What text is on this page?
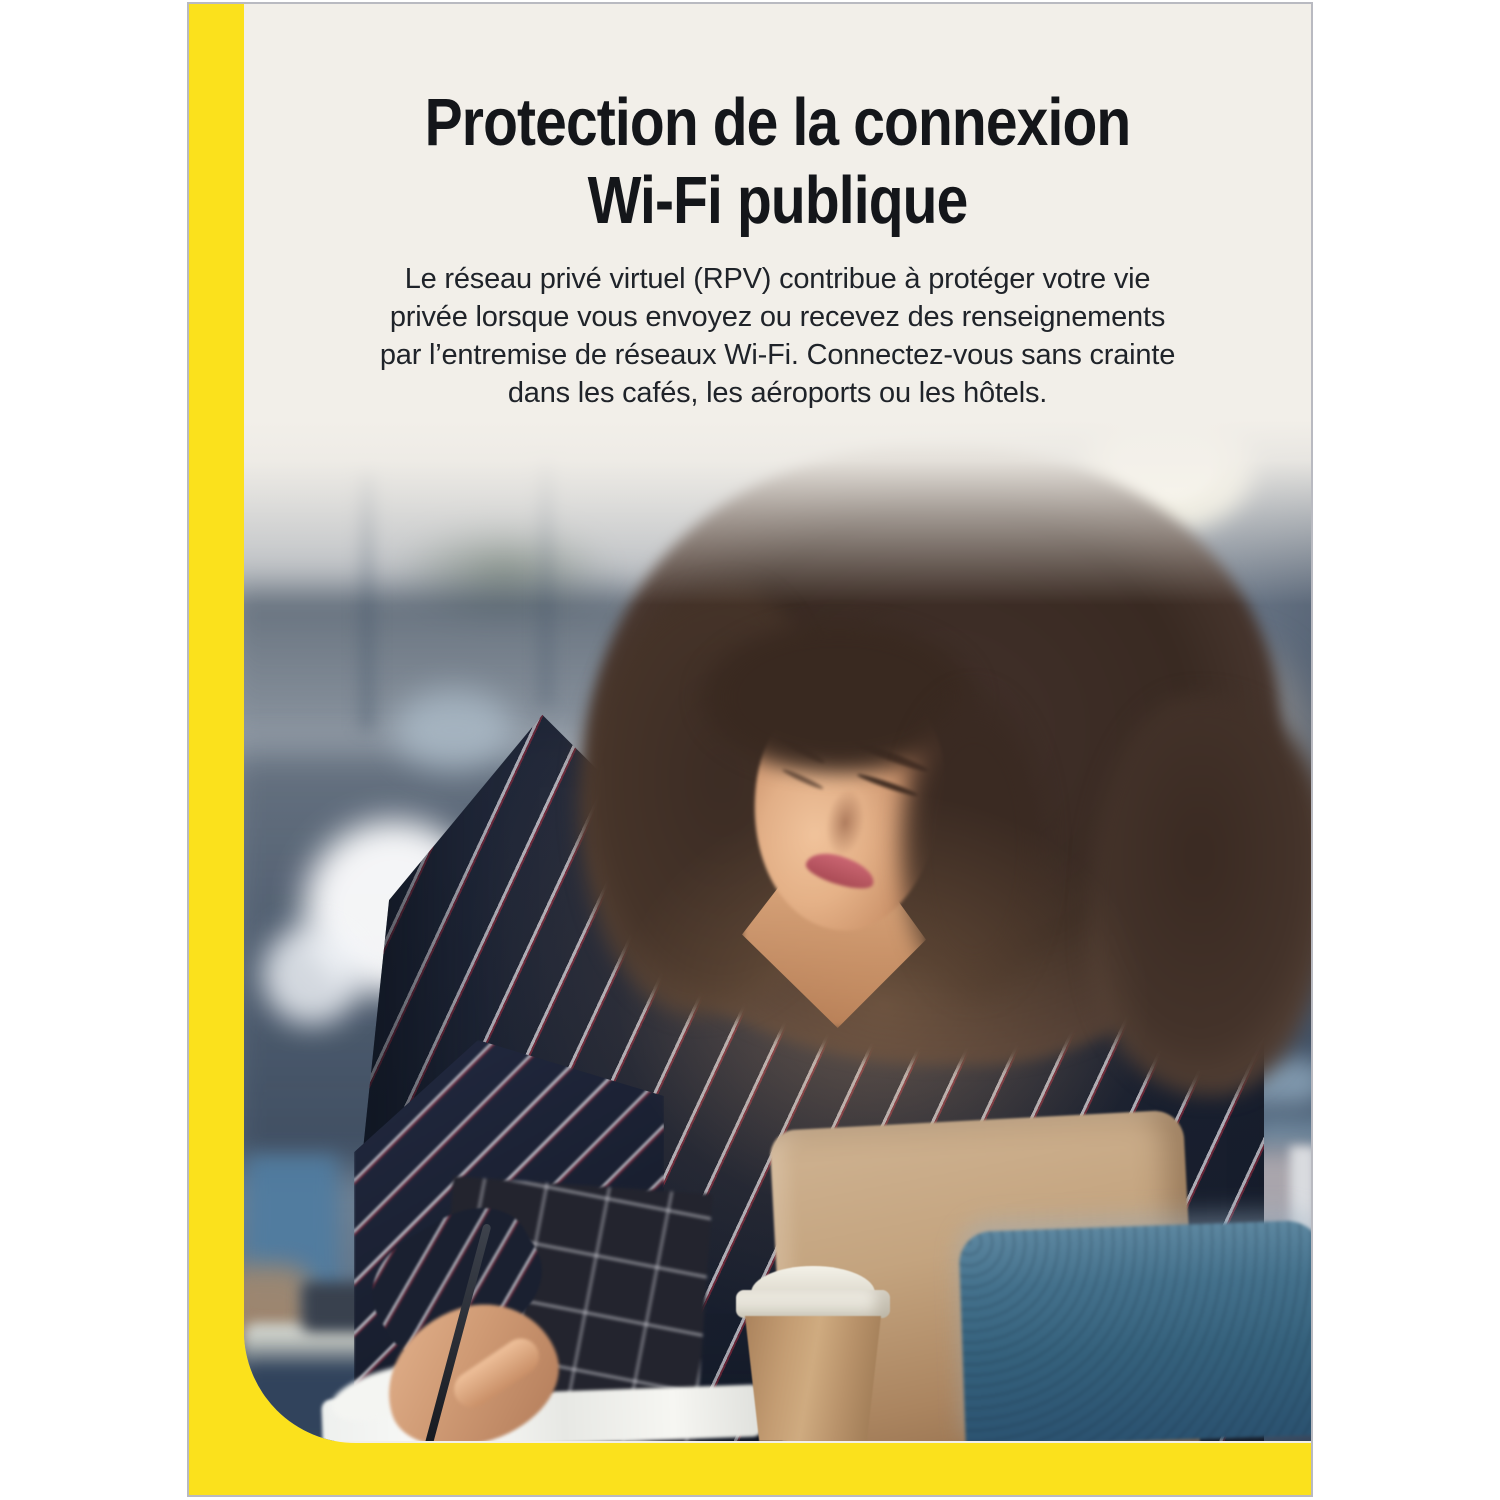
Protection de la connexion
Wi-Fi publique

Le réseau privé virtuel (RPV) contribue à protéger votre vie
privée lorsque vous envoyez ou recevez des renseignements
par l’entremise de réseaux Wi-Fi. Connectez-vous sans crainte
dans les cafés, les aéroports ou les hôtels.
